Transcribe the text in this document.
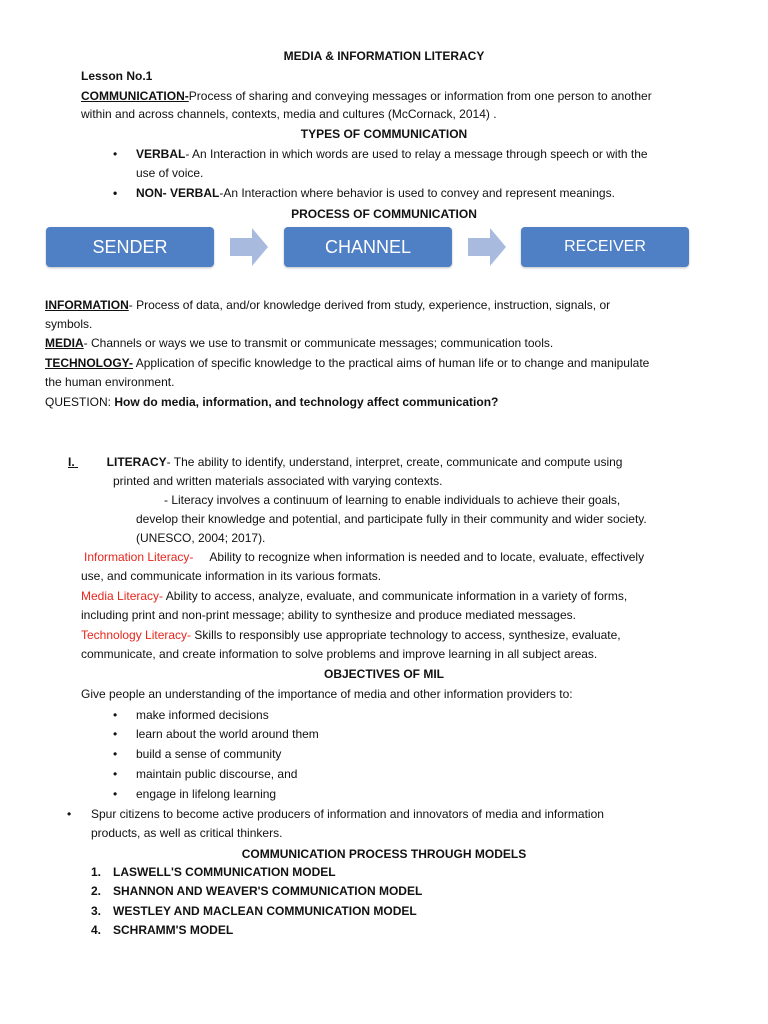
MEDIA & INFORMATION LITERACY
Lesson No.1
COMMUNICATION-Process of sharing and conveying messages or information from one person to another
within and across channels, contexts, media and cultures (McCornack, 2014) .
TYPES OF COMMUNICATION
• VERBAL- An Interaction in which words are used to relay a message through speech or with the
use of voice.
• NON- VERBAL-An Interaction where behavior is used to convey and represent meanings.
PROCESS OF COMMUNICATION
SENDER	CHANNEL	RECEIVER
INFORMATION- Process of data, and/or knowledge derived from study, experience, instruction, signals, or
symbols.
MEDIA- Channels or ways we use to transmit or communicate messages; communication tools.
TECHNOLOGY- Application of specific knowledge to the practical aims of human life or to change and manipulate
the human environment.
QUESTION: How do media, information, and technology affect communication?
I.	LITERACY- The ability to identify, understand, interpret, create, communicate and compute using
printed and written materials associated with varying contexts.
- Literacy involves a continuum of learning to enable individuals to achieve their goals,
develop their knowledge and potential, and participate fully in their community and wider society.
(UNESCO, 2004; 2017).
Information Literacy- Ability to recognize when information is needed and to locate, evaluate, effectively
use, and communicate information in its various formats.
Media Literacy- Ability to access, analyze, evaluate, and communicate information in a variety of forms,
including print and non-print message; ability to synthesize and produce mediated messages.
Technology Literacy- Skills to responsibly use appropriate technology to access, synthesize, evaluate,
communicate, and create information to solve problems and improve learning in all subject areas.
OBJECTIVES OF MIL
Give people an understanding of the importance of media and other information providers to:
• make informed decisions
• learn about the world around them
• build a sense of community
• maintain public discourse, and
• engage in lifelong learning
• Spur citizens to become active producers of information and innovators of media and information
products, as well as critical thinkers.
COMMUNICATION PROCESS THROUGH MODELS
1. LASWELL'S COMMUNICATION MODEL
2. SHANNON AND WEAVER'S COMMUNICATION MODEL
3. WESTLEY AND MACLEAN COMMUNICATION MODEL
4. SCHRAMM'S MODEL
